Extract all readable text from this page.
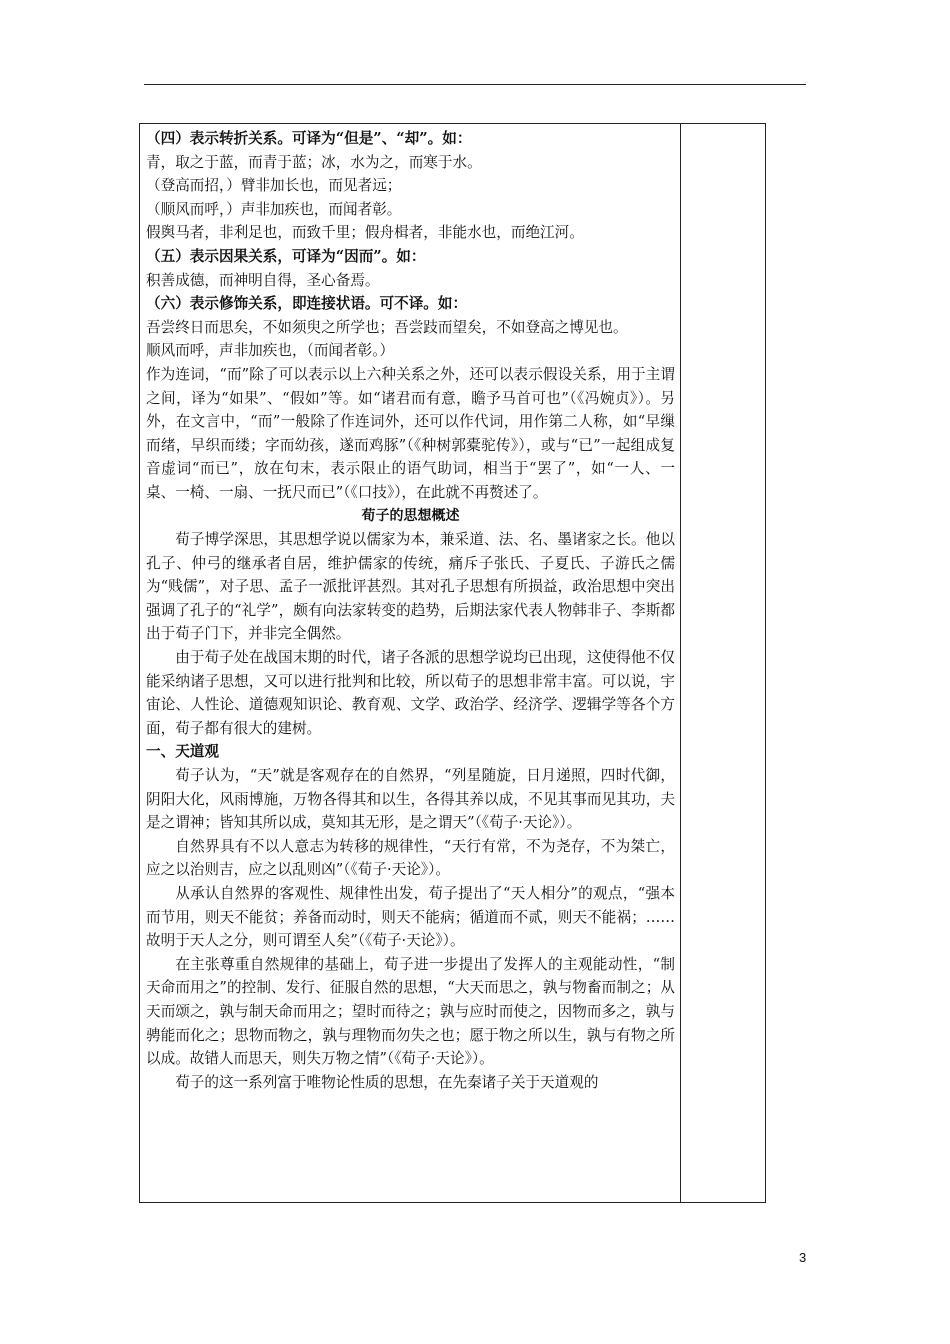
（四）表示转折关系。可译为“但是”、“却”。如：

青，取之于蓝，而青于蓝；冰，水为之，而寒于水。

（登高而招，）臂非加长也，而见者远；

（顺风而呼，）声非加疾也，而闻者彰。

假舆马者，非利足也，而致千里；假舟楫者，非能水也，而绝江河。

（五）表示因果关系，可译为“因而”。如：

积善成德，而神明自得，圣心备焉。

（六）表示修饰关系，即连接状语。可不译。如：

吾尝终日而思矣，不如须臾之所学也；吾尝跂而望矣，不如登高之博见也。

顺风而呼，声非加疾也，（而闻者彰。）

作为连词，“而”除了可以表示以上六种关系之外，还可以表示假设关系，用于主谓之间，译为“如果”、“假如”等。如“诸君而有意，瞻予马首可也”（《冯婉贞》）。另外，在文言中，“而”一般除了作连词外，还可以作代词，用作第二人称，如“早缫而绪，早织而缕；字而幼孩，遂而鸡豚”（《种树郭橐驼传》），或与“已”一起组成复音虚词“而已”，放在句末，表示限止的语气助词，相当于“罢了”，如“一人、一桌、一椅、一扇、一抚尺而已”（《口技》），在此就不再赘述了。

荀子的思想概述

荀子博学深思，其思想学说以儒家为本，兼采道、法、名、墨诸家之长。他以孔子、仲弓的继承者自居，维护儒家的传统，痛斥子张氏、子夏氏、子游氏之儒为“贱儒”，对子思、孟子一派批评甚烈。其对孔子思想有所损益，政治思想中突出强调了孔子的“礼学”，颇有向法家转变的趋势，后期法家代表人物韩非子、李斯都出于荀子门下，并非完全偶然。

由于荀子处在战国末期的时代，诸子各派的思想学说均已出现，这使得他不仅能采纳诸子思想，又可以进行批判和比较，所以荀子的思想非常丰富。可以说，宇宙论、人性论、道德观知识论、教育观、文学、政治学、经济学、逻辑学等各个方面，荀子都有很大的建树。

一、天道观

荀子认为，“天”就是客观存在的自然界，“列星随旋，日月递照，四时代御，阴阳大化，风雨博施，万物各得其和以生，各得其养以成，不见其事而见其功，夫是之谓神；皆知其所以成，莫知其无形，是之谓天”（《荀子·天论》）。

自然界具有不以人意志为转移的规律性，“天行有常，不为尧存，不为桀亡，应之以治则吉，应之以乱则凶”（《荀子·天论》）。

从承认自然界的客观性、规律性出发，荀子提出了“天人相分”的观点，“强本而节用，则天不能贫；养备而动时，则天不能病；循道而不贰，则天不能祸；……故明于天人之分，则可谓至人矣”（《荀子·天论》）。

在主张尊重自然规律的基础上，荀子进一步提出了发挥人的主观能动性，“制天命而用之”的控制、发行、征服自然的思想，“大天而思之，孰与物畜而制之；从天而颂之，孰与制天命而用之；望时而待之；孰与应时而使之，因物而多之，孰与骋能而化之；思物而物之，孰与理物而勿失之也；愿于物之所以生，孰与有物之所以成。故错人而思天，则失万物之情”（《荀子·天论》）。

荀子的这一系列富于唯物论性质的思想，在先秦诸子关于天道观的

3
